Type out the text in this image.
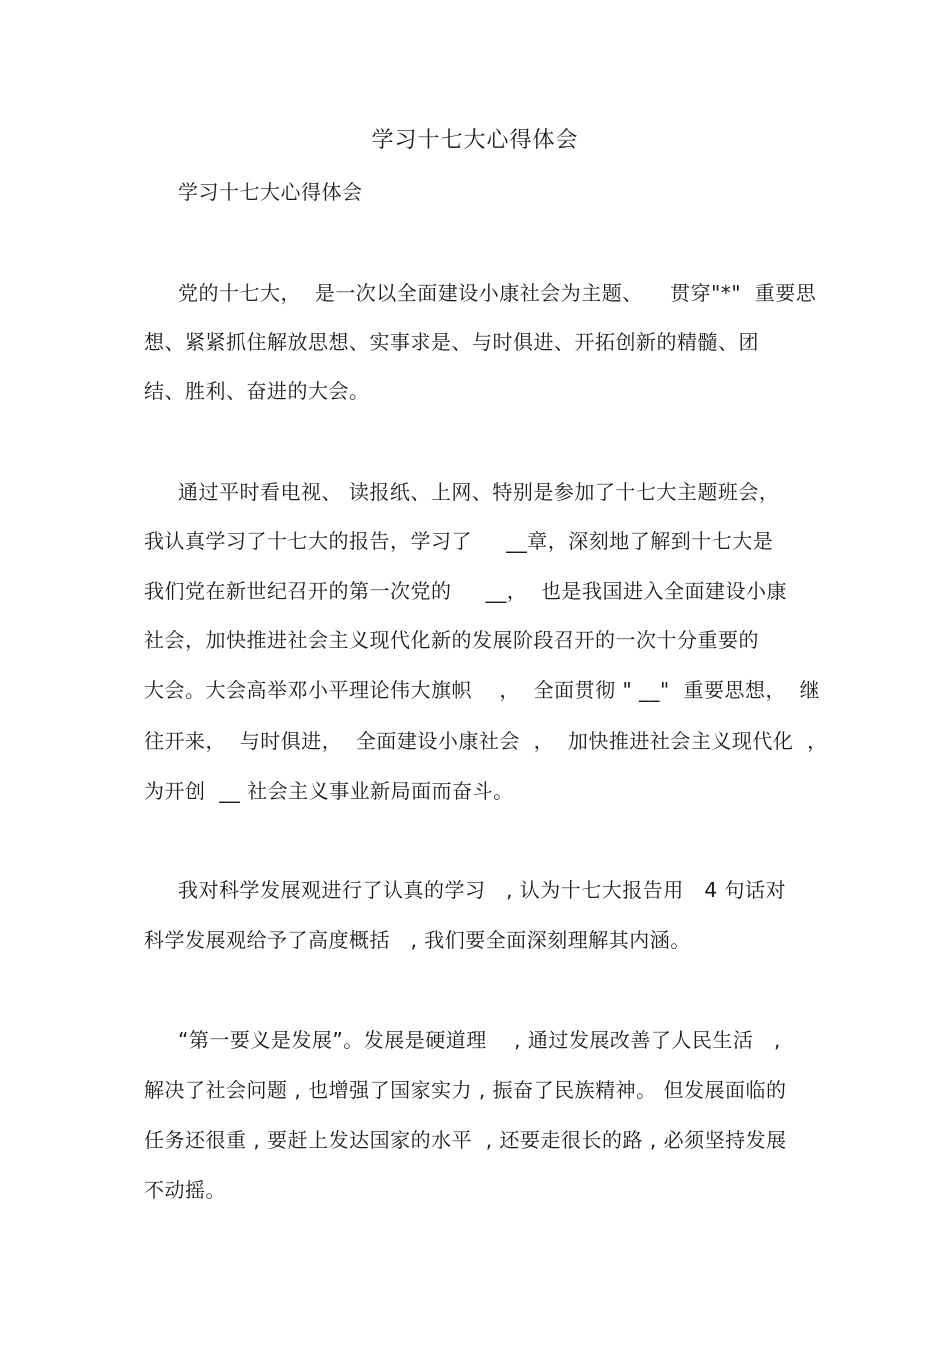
学习十七大心得体会
学习十七大心得体会
党的十七大，  是一次以全面建设小康社会为主题、    贯穿"*"  重要思
想、紧紧抓住解放思想、实事求是、与时俱进、开拓创新的精髓、团
结、胜利、奋进的大会。
通过平时看电视、 读报纸、上网、特别是参加了十七大主题班会，
我认真学习了十七大的报告，学习了     __章，深刻地了解到十七大是
我们党在新世纪召开的第一次党的     __，  也是我国进入全面建设小康
社会，加快推进社会主义现代化新的发展阶段召开的一次十分重要的
大会。大会高举邓小平理论伟大旗帜    ，  全面贯彻 " __"  重要思想，  继
往开来，  与时俱进，  全面建设小康社会  ，  加快推进社会主义现代化  ，
为开创  __ 社会主义事业新局面而奋斗。
我对科学发展观进行了认真的学习   , 认为十七大报告用   4 句话对
科学发展观给予了高度概括   , 我们要全面深刻理解其内涵。
“第一要义是发展”。发展是硬道理    , 通过发展改善了人民生活   ,
解决了社会问题 , 也增强了国家实力 , 振奋了民族精神。 但发展面临的
任务还很重 , 要赶上发达国家的水平  , 还要走很长的路 , 必须坚持发展
不动摇。
